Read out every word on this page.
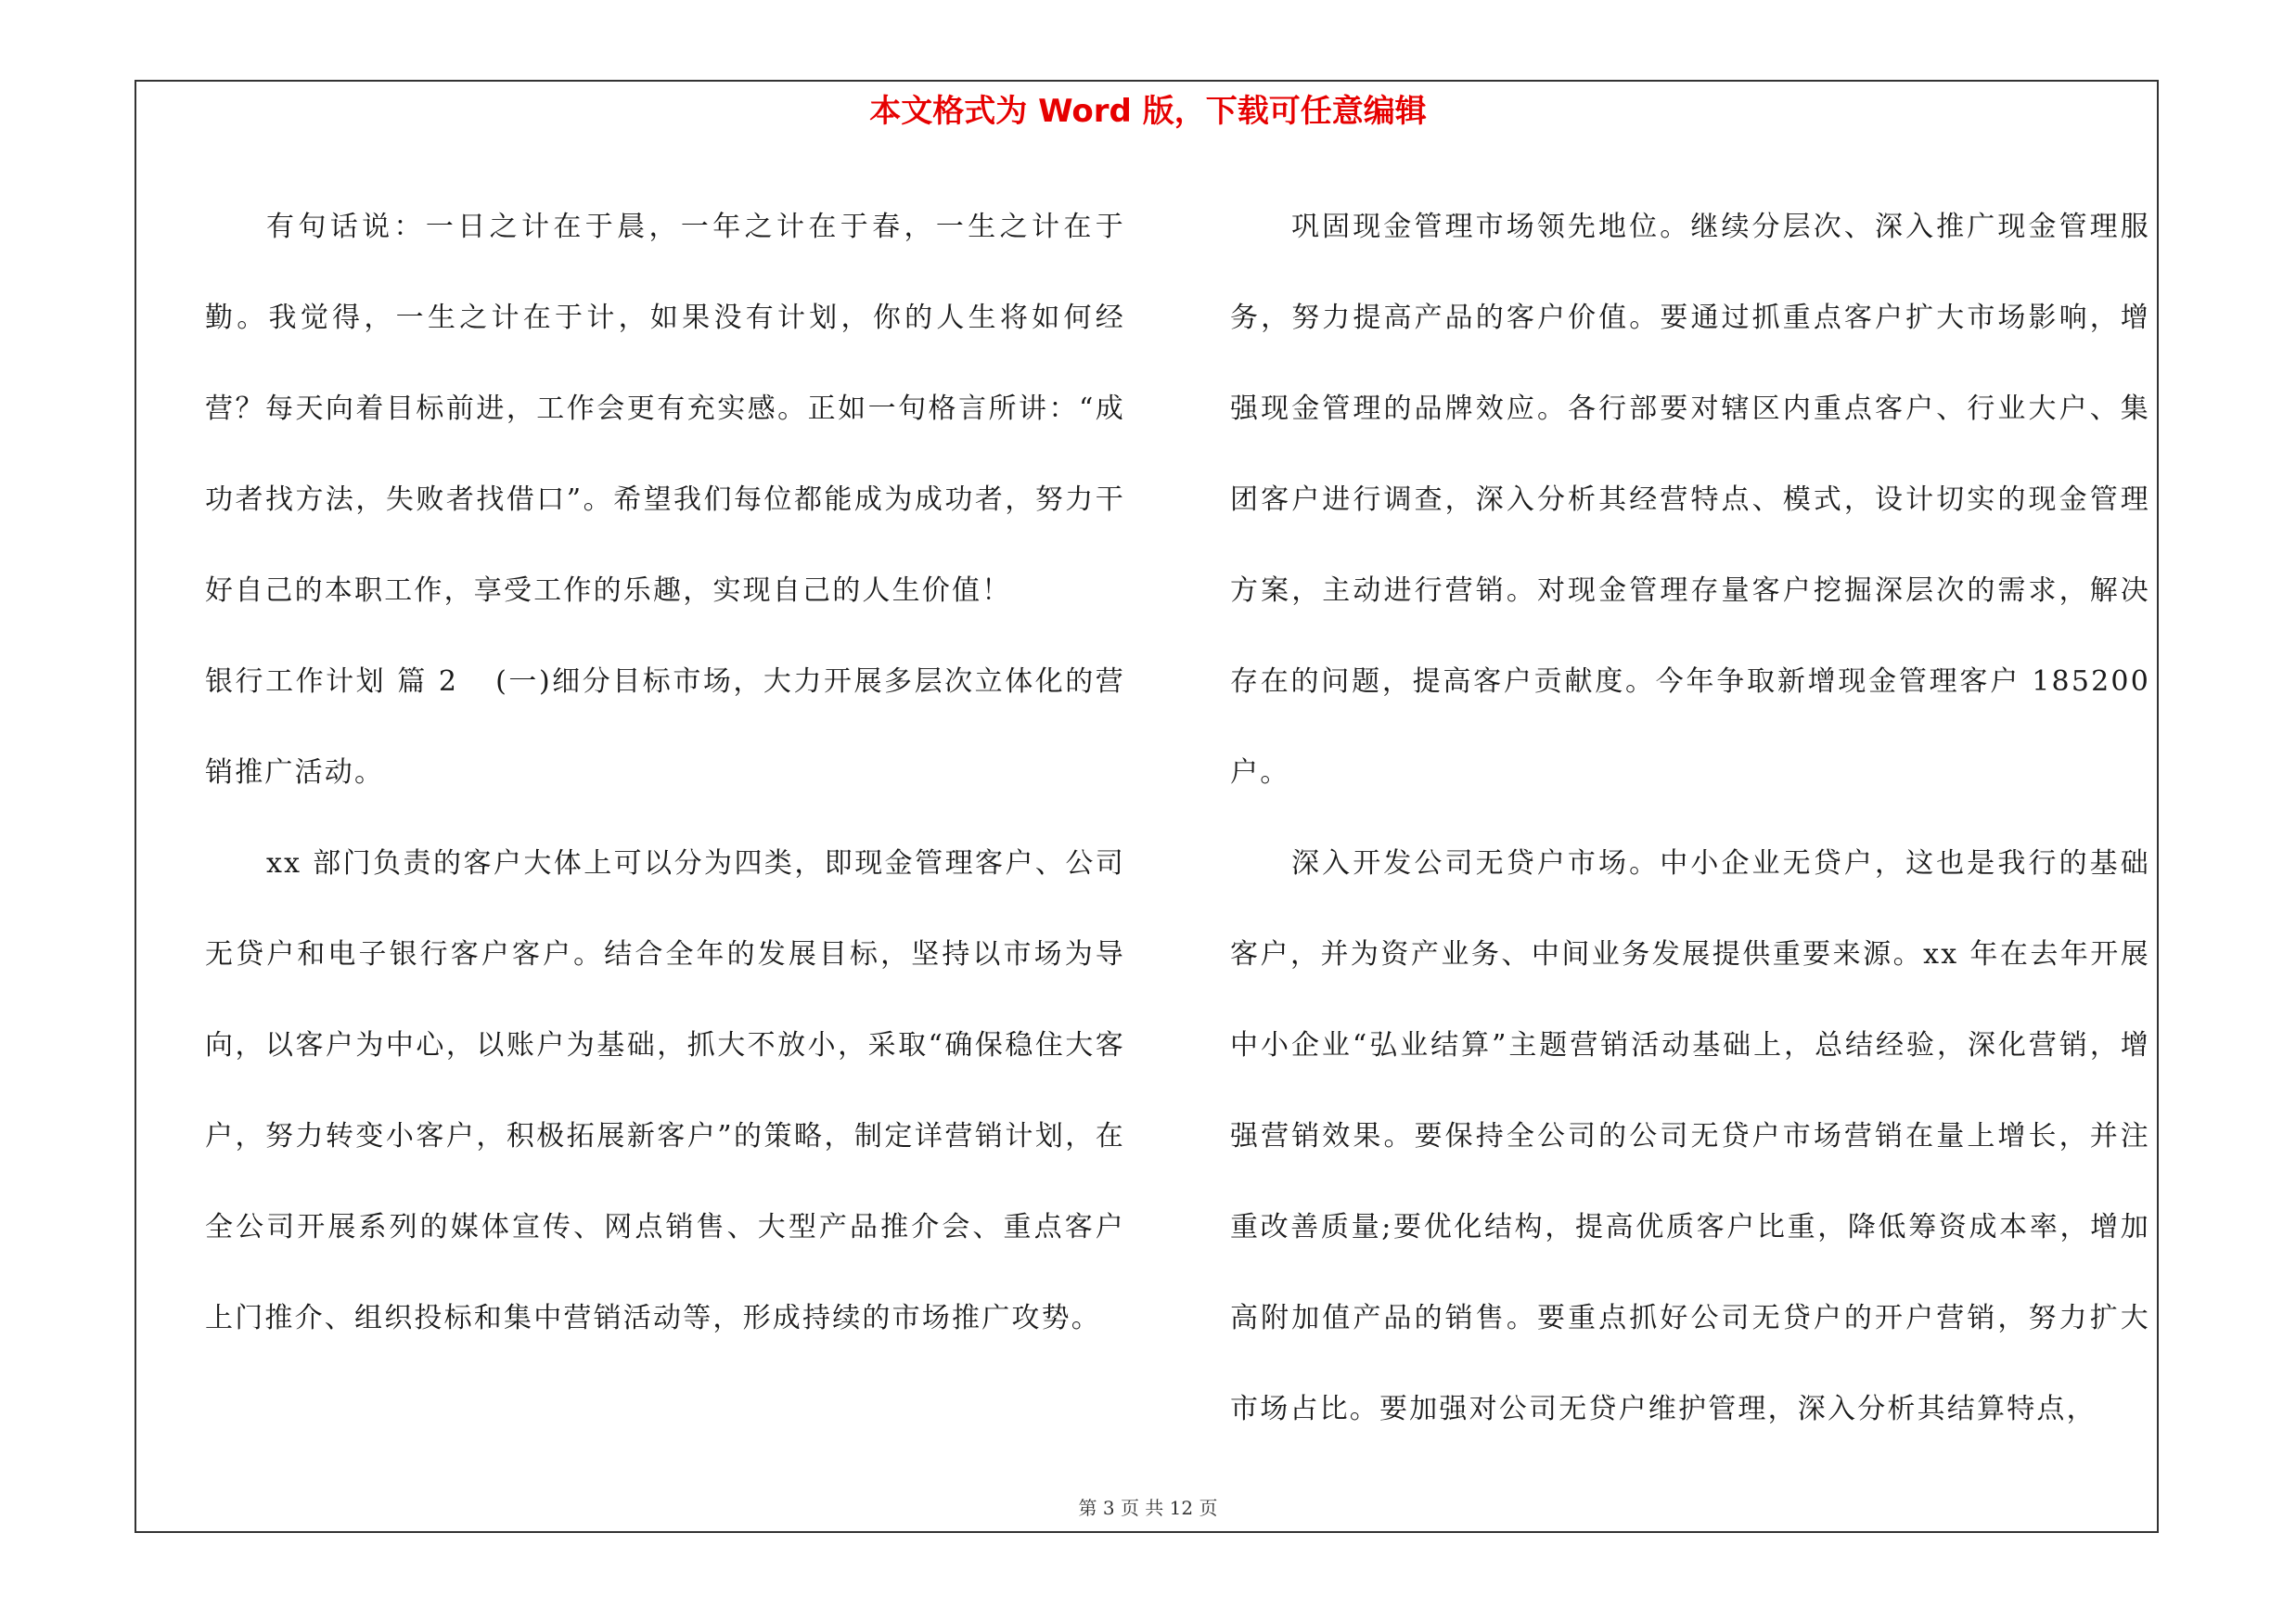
本文格式为 Word 版，下载可任意编辑

有句话说：一日之计在于晨，一年之计在于春，一生之计在于勤。我觉得，一生之计在于计，如果没有计划，你的人生将如何经营？每天向着目标前进，工作会更有充实感。正如一句格言所讲：“成功者找方法，失败者找借口”。希望我们每位都能成为成功者，努力干好自己的本职工作，享受工作的乐趣，实现自己的人生价值！

银行工作计划 篇 2 (一)细分目标市场，大力开展多层次立体化的营销推广活动。

xx 部门负责的客户大体上可以分为四类，即现金管理客户、公司无贷户和电子银行客户客户。结合全年的发展目标，坚持以市场为导向，以客户为中心，以账户为基础，抓大不放小，采取“确保稳住大客户，努力转变小客户，积极拓展新客户”的策略，制定详营销计划，在全公司开展系列的媒体宣传、网点销售、大型产品推介会、重点客户上门推介、组织投标和集中营销活动等，形成持续的市场推广攻势。

巩固现金管理市场领先地位。继续分层次、深入推广现金管理服务，努力提高产品的客户价值。要通过抓重点客户扩大市场影响，增强现金管理的品牌效应。各行部要对辖区内重点客户、行业大户、集团客户进行调查，深入分析其经营特点、模式，设计切实的现金管理方案，主动进行营销。对现金管理存量客户挖掘深层次的需求，解决存在的问题，提高客户贡献度。今年争取新增现金管理客户 185200 户。

深入开发公司无贷户市场。中小企业无贷户，这也是我行的基础客户，并为资产业务、中间业务发展提供重要来源。xx 年在去年开展中小企业“弘业结算”主题营销活动基础上，总结经验，深化营销，增强营销效果。要保持全公司的公司无贷户市场营销在量上增长，并注重改善质量;要优化结构，提高优质客户比重，降低筹资成本率，增加高附加值产品的销售。要重点抓好公司无贷户的开户营销，努力扩大市场占比。要加强对公司无贷户维护管理，深入分析其结算特点，

第 3 页 共 12 页
